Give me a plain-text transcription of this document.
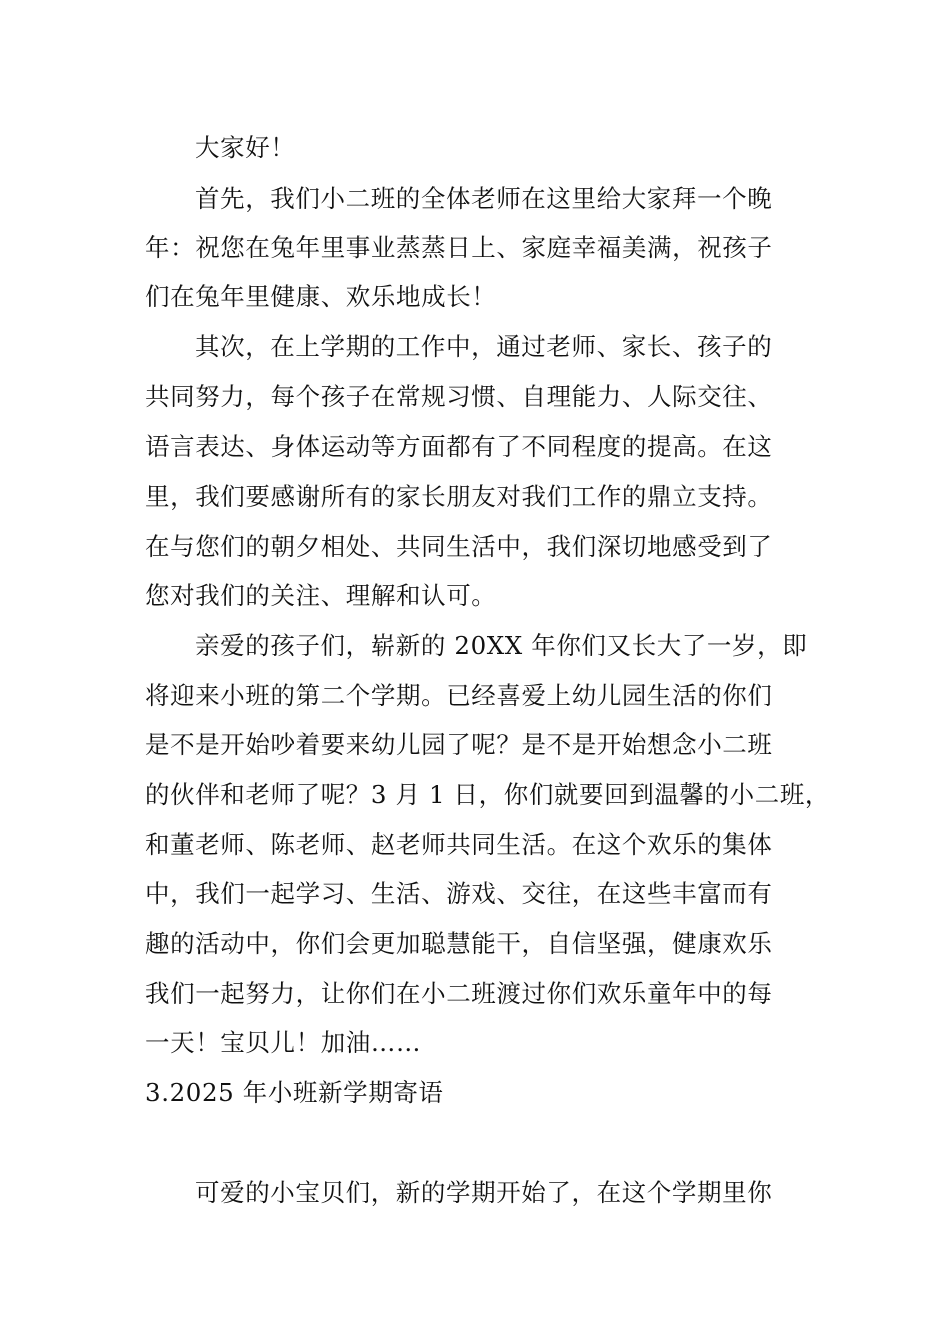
大家好！
首先，我们小二班的全体老师在这里给大家拜一个晚
年：祝您在兔年里事业蒸蒸日上、家庭幸福美满，祝孩子
们在兔年里健康、欢乐地成长！
其次，在上学期的工作中，通过老师、家长、孩子的
共同努力，每个孩子在常规习惯、自理能力、人际交往、
语言表达、身体运动等方面都有了不同程度的提高。在这
里，我们要感谢所有的家长朋友对我们工作的鼎立支持。
在与您们的朝夕相处、共同生活中，我们深切地感受到了
您对我们的关注、理解和认可。
亲爱的孩子们，崭新的 20XX 年你们又长大了一岁，即
将迎来小班的第二个学期。已经喜爱上幼儿园生活的你们
是不是开始吵着要来幼儿园了呢？是不是开始想念小二班
的伙伴和老师了呢？3 月 1 日，你们就要回到温馨的小二班，
和董老师、陈老师、赵老师共同生活。在这个欢乐的集体
中，我们一起学习、生活、游戏、交往，在这些丰富而有
趣的活动中，你们会更加聪慧能干，自信坚强，健康欢乐
我们一起努力，让你们在小二班渡过你们欢乐童年中的每
一天！宝贝儿！加油……
3.2025 年小班新学期寄语
可爱的小宝贝们，新的学期开始了，在这个学期里你
